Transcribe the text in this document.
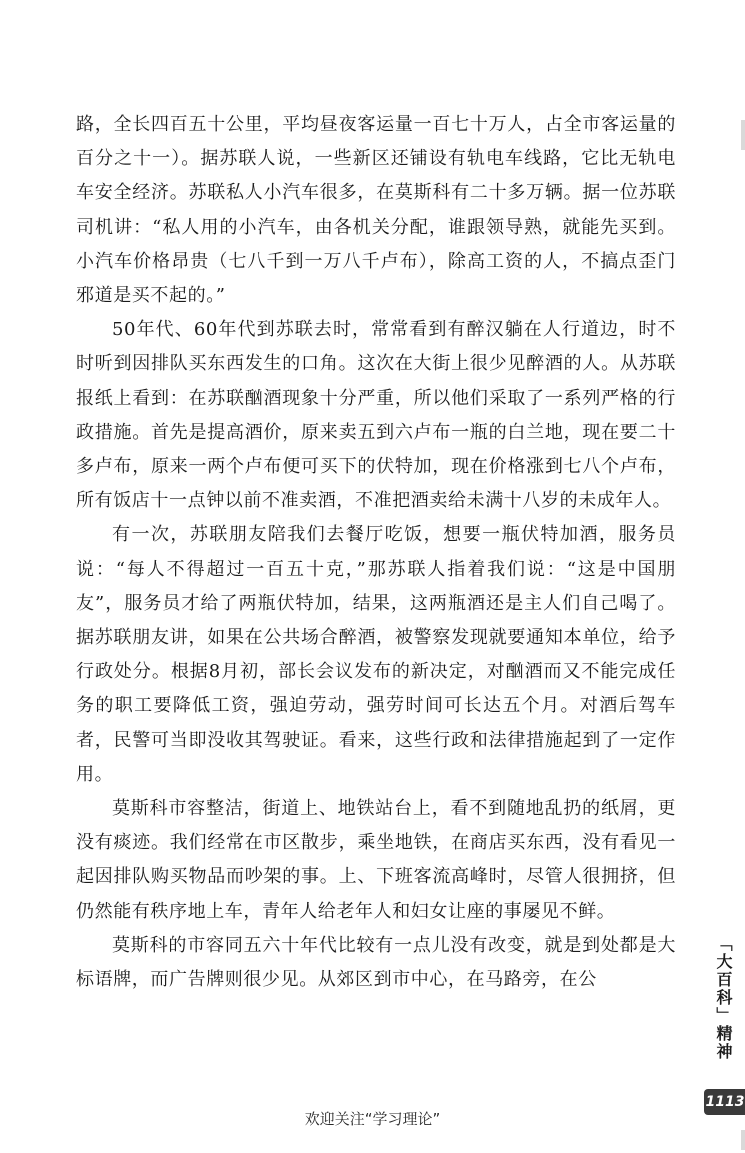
路，全长四百五十公里，平均昼夜客运量一百七十万人，占全市客运量的百分之十一）。据苏联人说，一些新区还铺设有轨电车线路，它比无轨电车安全经济。苏联私人小汽车很多，在莫斯科有二十多万辆。据一位苏联司机讲：“私人用的小汽车，由各机关分配，谁跟领导熟，就能先买到。小汽车价格昂贵（七八千到一万八千卢布），除高工资的人，不搞点歪门邪道是买不起的。”

50年代、60年代到苏联去时，常常看到有醉汉躺在人行道边，时不时听到因排队买东西发生的口角。这次在大街上很少见醉酒的人。从苏联报纸上看到：在苏联酗酒现象十分严重，所以他们采取了一系列严格的行政措施。首先是提高酒价，原来卖五到六卢布一瓶的白兰地，现在要二十多卢布，原来一两个卢布便可买下的伏特加，现在价格涨到七八个卢布，所有饭店十一点钟以前不准卖酒，不准把酒卖给未满十八岁的未成年人。

有一次，苏联朋友陪我们去餐厅吃饭，想要一瓶伏特加酒，服务员说：“每人不得超过一百五十克，”那苏联人指着我们说：“这是中国朋友”，服务员才给了两瓶伏特加，结果，这两瓶酒还是主人们自己喝了。据苏联朋友讲，如果在公共场合醉酒，被警察发现就要通知本单位，给予行政处分。根据8月初，部长会议发布的新决定，对酗酒而又不能完成任务的职工要降低工资，强迫劳动，强劳时间可长达五个月。对酒后驾车者，民警可当即没收其驾驶证。看来，这些行政和法律措施起到了一定作用。

莫斯科市容整洁，街道上、地铁站台上，看不到随地乱扔的纸屑，更没有痰迹。我们经常在市区散步，乘坐地铁，在商店买东西，没有看见一起因排队购买物品而吵架的事。上、下班客流高峰时，尽管人很拥挤，但仍然能有秩序地上车，青年人给老年人和妇女让座的事屡见不鲜。

莫斯科的市容同五六十年代比较有一点儿没有改变，就是到处都是大标语牌，而广告牌则很少见。从郊区到市中心，在马路旁，在公	「大百科」精神
1113
欢迎关注“学习理论”
